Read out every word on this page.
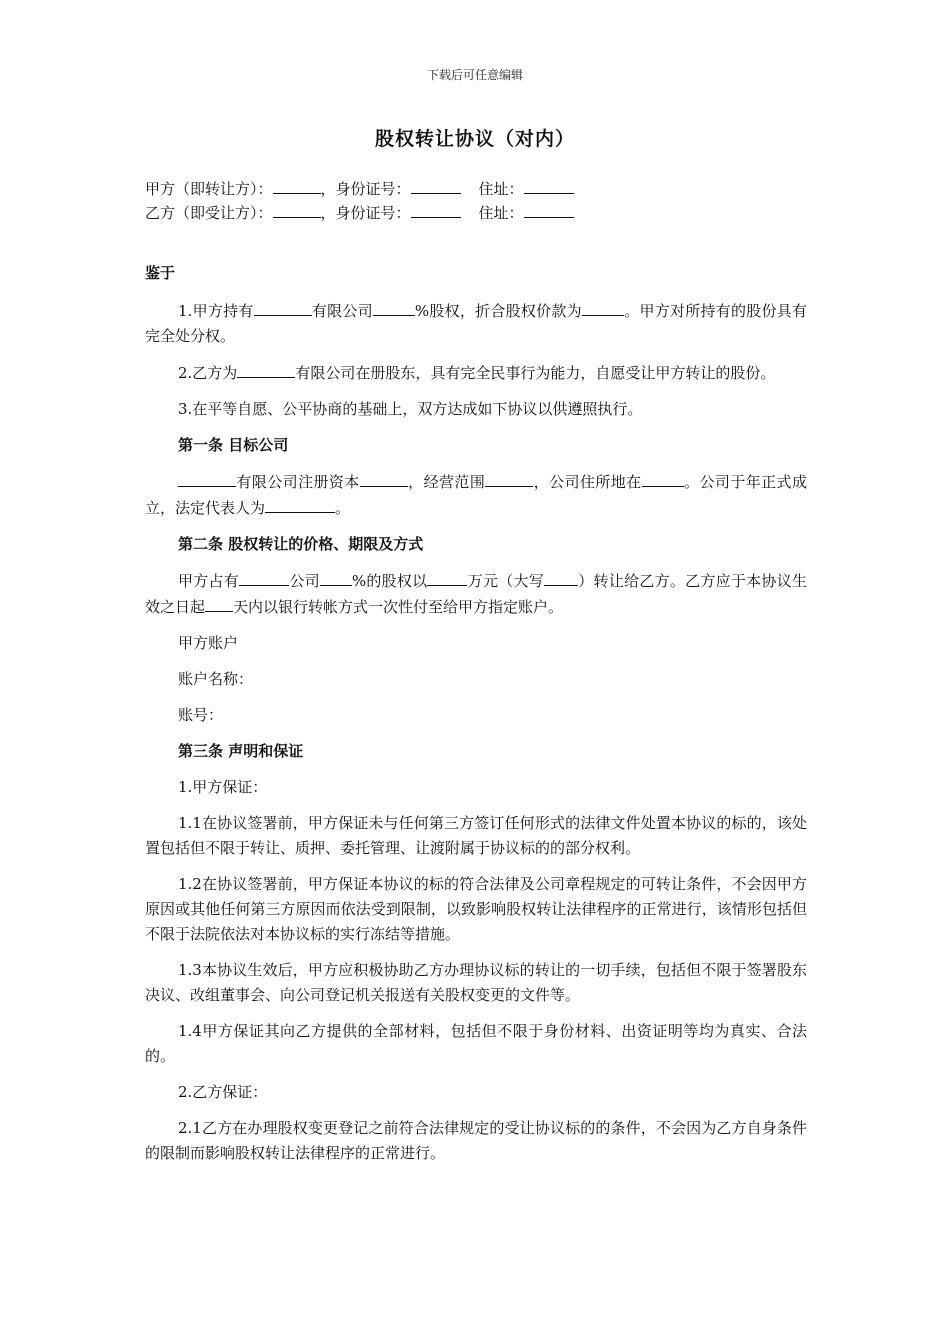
下载后可任意编辑
股权转让协议（对内）
甲方（即转让方）：	，身份证号：	住址：
乙方（即受让方）：	，身份证号：	住址：
鉴于

1.甲方持有	有限公司	%股权，折合股权价款为	。甲方对所持有的股份具有完全处分权。

2.乙方为	有限公司在册股东，具有完全民事行为能力，自愿受让甲方转让的股份。

3.在平等自愿、公平协商的基础上，双方达成如下协议以供遵照执行。

第一条 目标公司

有限公司注册资本	，经营范围	，公司住所地在	。公司于年正式成立，法定代表人为	。

第二条 股权转让的价格、期限及方式

甲方占有	公司 %的股权以	万元（大写 ）转让给乙方。乙方应于本协议生效之日起 天内以银行转帐方式一次性付至给甲方指定账户。

甲方账户

账户名称：

账号：

第三条 声明和保证

1.甲方保证：

1.1在协议签署前，甲方保证未与任何第三方签订任何形式的法律文件处置本协议的标的，该处置包括但不限于转让、质押、委托管理、让渡附属于协议标的的部分权利。

1.2在协议签署前，甲方保证本协议的标的符合法律及公司章程规定的可转让条件，不会因甲方原因或其他任何第三方原因而依法受到限制，以致影响股权转让法律程序的正常进行，该情形包括但不限于法院依法对本协议标的实行冻结等措施。

1.3本协议生效后，甲方应积极协助乙方办理协议标的转让的一切手续，包括但不限于签署股东决议、改组董事会、向公司登记机关报送有关股权变更的文件等。

1.4甲方保证其向乙方提供的全部材料，包括但不限于身份材料、出资证明等均为真实、合法的。

2.乙方保证：

2.1乙方在办理股权变更登记之前符合法律规定的受让协议标的的条件，不会因为乙方自身条件的限制而影响股权转让法律程序的正常进行。
